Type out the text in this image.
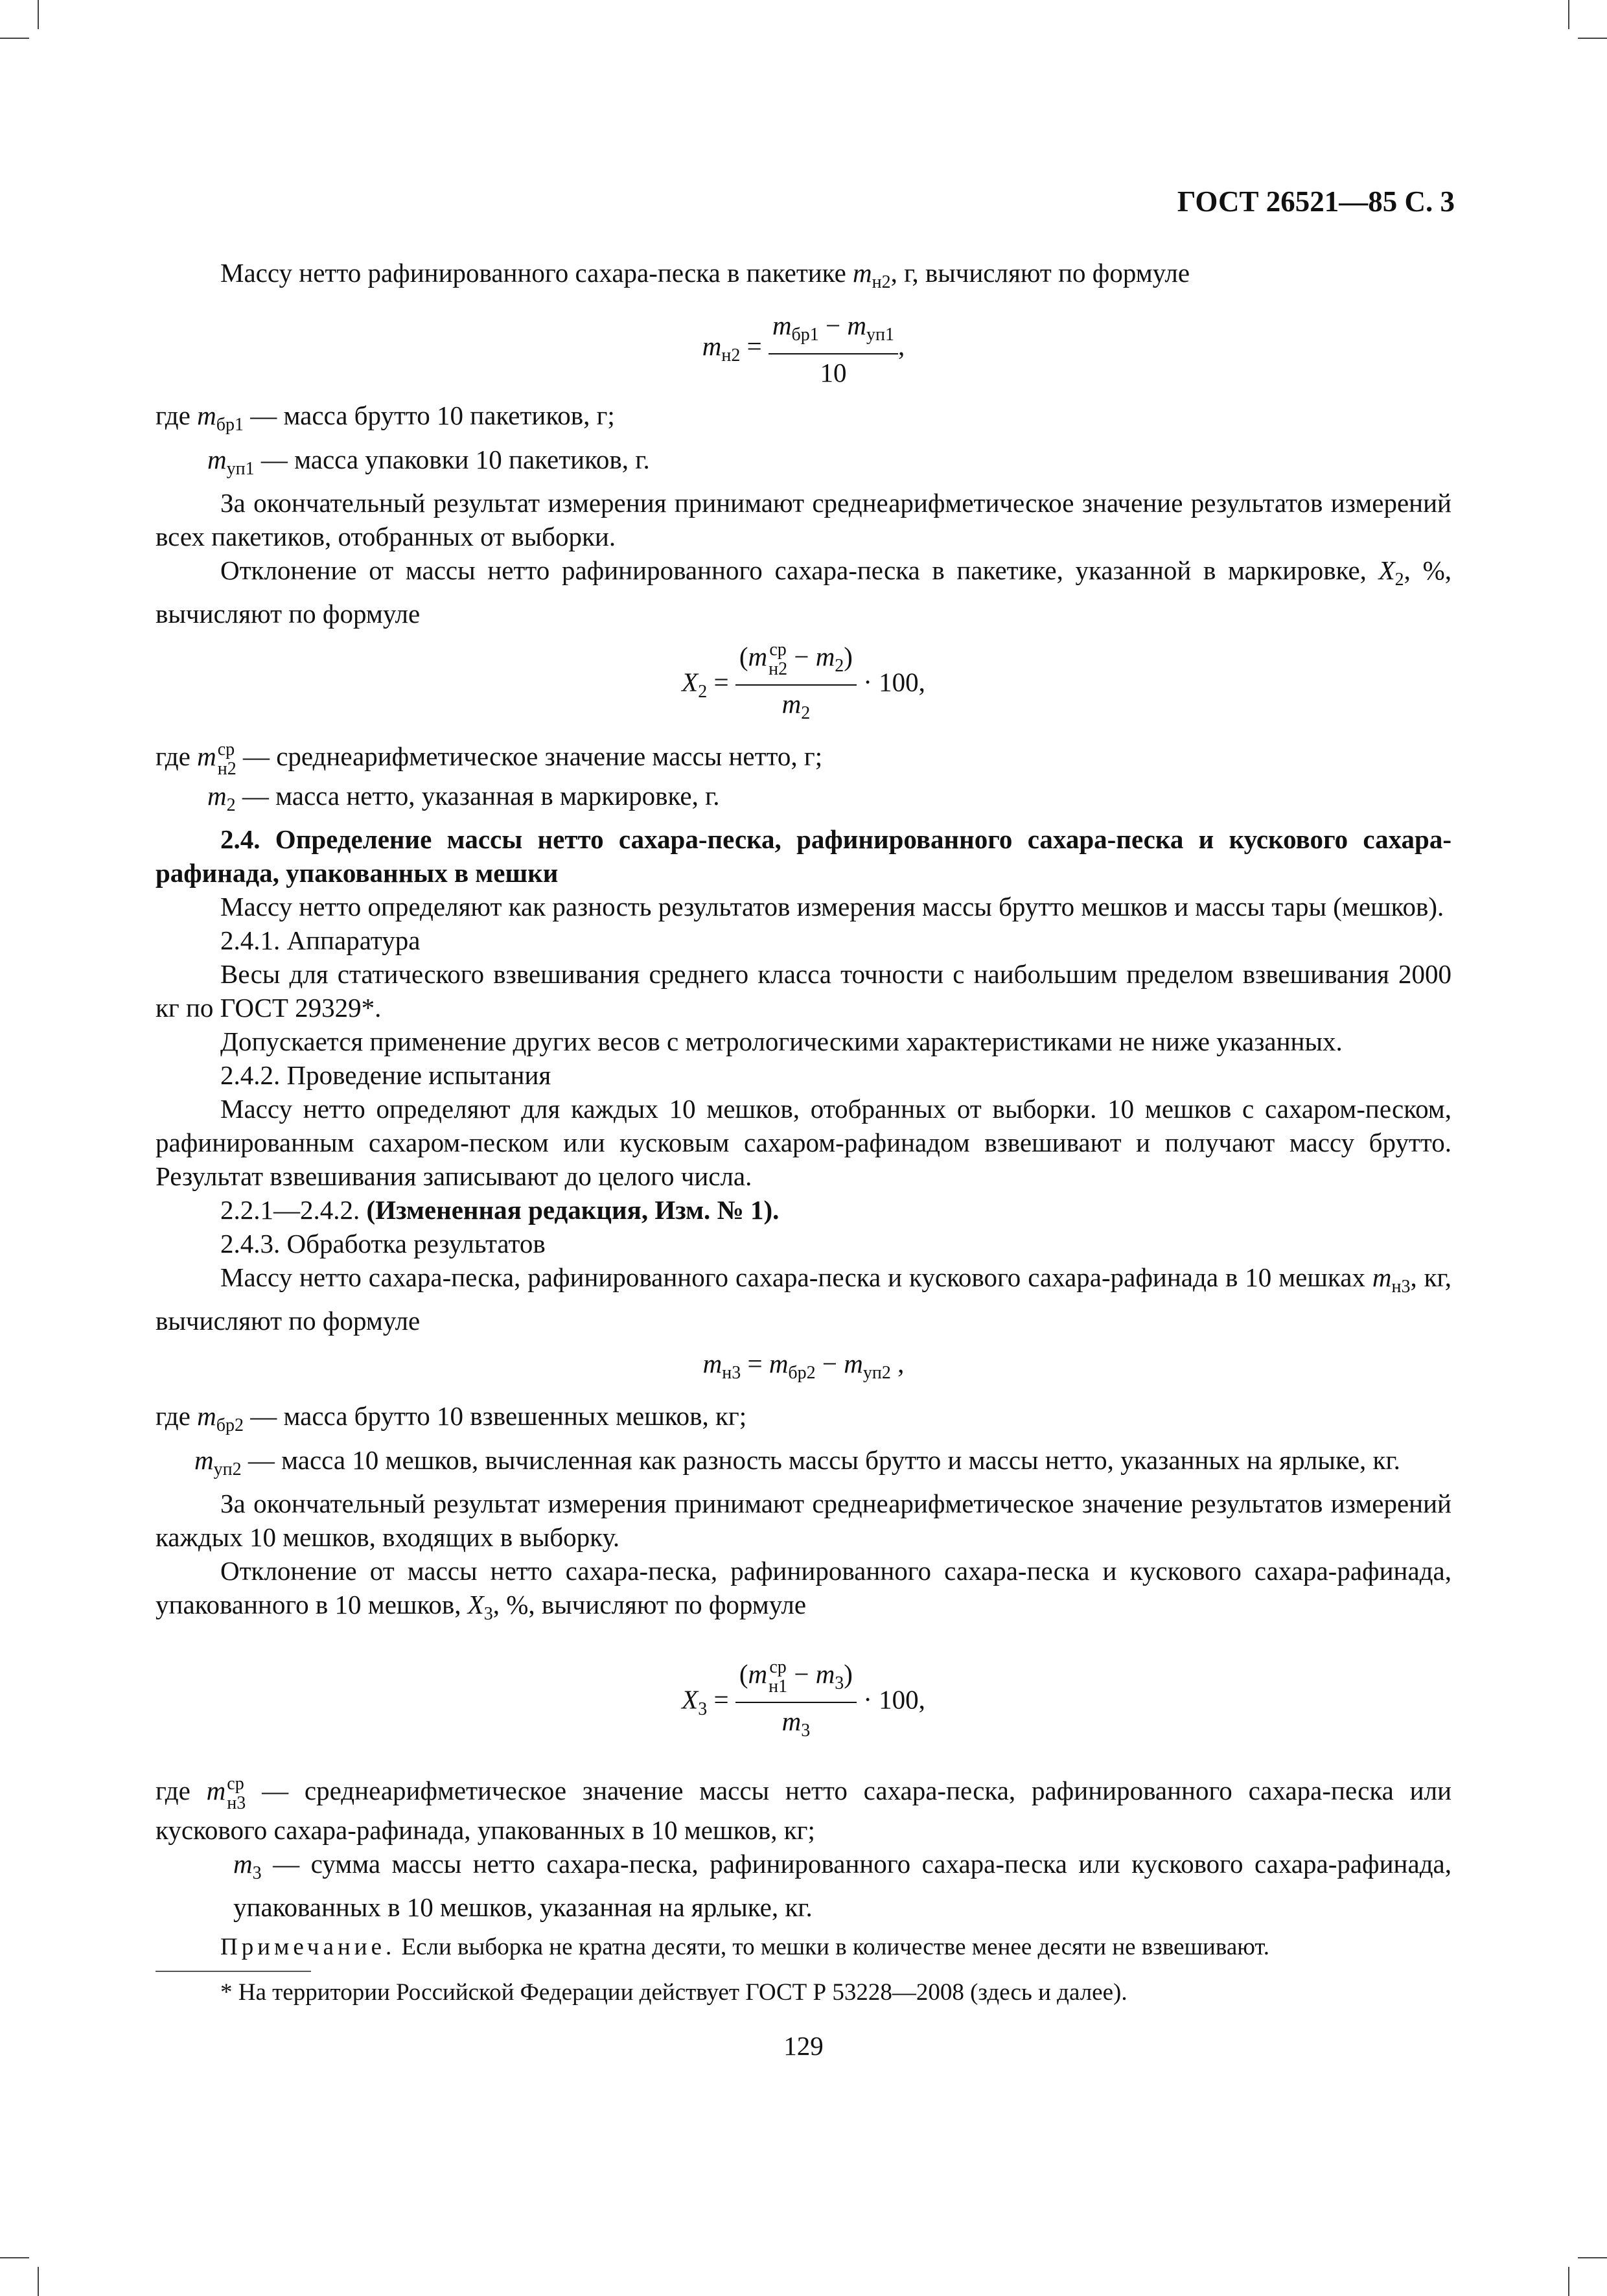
ГОСТ 26521—85 С. 3

Массу нетто рафинированного сахара-песка в пакетике $m_{н2}$, г, вычисляют по формуле

$m_{н2} = \frac{m_{бр1} - m_{уп1}}{10}$ ,

где $m_{бр1}$ — масса брутто 10 пакетиков, г;

$m_{уп1}$ — масса упаковки 10 пакетиков, г.

За окончательный результат измерения принимают среднеарифметическое значение результатов измерений всех пакетиков, отобранных от выборки.

Отклонение от массы нетто рафинированного сахара-песка в пакетике, указанной в маркировке, $X_2$, %, вычисляют по формуле

$X_2 = (m$ ср
$н2 - m_2$)
$m_2 \cdot 100$,

где m ср
н2 — среднеарифметическое значение массы нетто, г;

$m_2$ — масса нетто, указанная в маркировке, г.

2.4. Определение массы нетто сахара-песка, рафинированного сахара-песка и кускового сахара-рафинада, упакованных в мешки

Массу нетто определяют как разность результатов измерения массы брутто мешков и массы тары (мешков).

2.4.1. Аппаратура

Весы для статического взвешивания среднего класса точности с наибольшим пределом взвешивания 2000 кг по ГОСТ 29329*.

Допускается применение других весов с метрологическими характеристиками не ниже указанных.

2.4.2. Проведение испытания

Массу нетто определяют для каждых 10 мешков, отобранных от выборки. 10 мешков с сахаром-песком, рафинированным сахаром-песком или кусковым сахаром-рафинадом взвешивают и получают массу брутто. Результат взвешивания записывают до целого числа.

2.2.1—2.4.2. (Измененная редакция, Изм. № 1).

2.4.3. Обработка результатов

Массу нетто сахара-песка, рафинированного сахара-песка и кускового сахара-рафинада в 10 мешках $m_{н3}$, кг, вычисляют по формуле

$m_{н3} = m_{бр2} - m_{уп2}$ ,

где $m_{бр2}$ — масса брутто 10 взвешенных мешков, кг;

$m_{уп2}$ — масса 10 мешков, вычисленная как разность массы брутто и массы нетто, указанных на ярлыке, кг.

За окончательный результат измерения принимают среднеарифметическое значение результатов измерений каждых 10 мешков, входящих в выборку.

Отклонение от массы нетто сахара-песка, рафинированного сахара-песка и кускового сахара-рафинада, упакованного в 10 мешков, $X_3$, %, вычисляют по формуле

$X_3 = (m$ ср
$н1 - m_3$)
$m_3 \cdot 100$,

где m ср
н3 — среднеарифметическое значение массы нетто сахара-песка, рафинированного сахара-песка или кускового сахара-рафинада, упакованных в 10 мешков, кг;

$m_3$ — сумма массы нетто сахара-песка, рафинированного сахара-песка или кускового сахара-рафинада, упакованных в 10 мешков, указанная на ярлыке, кг.

Примечание. Если выборка не кратна десяти, то мешки в количестве менее десяти не взвешивают.

* На территории Российской Федерации действует ГОСТ Р 53228—2008 (здесь и далее).

129
